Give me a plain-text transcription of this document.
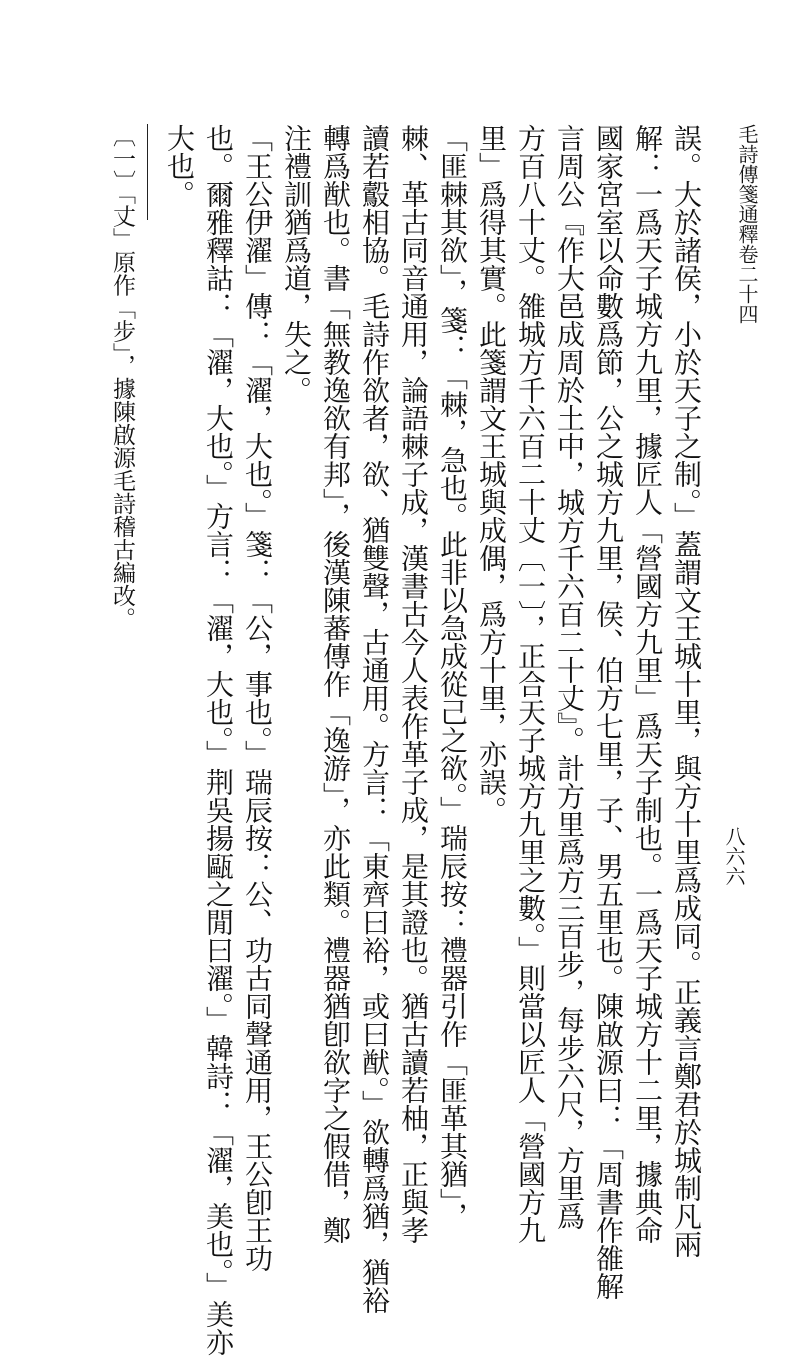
毛詩傳箋通釋卷二十四
八六六
誤。大於諸侯，小於天子之制。」蓋謂文王城十里，與方十里爲成同。正義言鄭君於城制凡兩
解：一爲天子城方九里，據匠人「營國方九里」爲天子制也。一爲天子城方十二里，據典命
國家宮室以命數爲節，公之城方九里，侯、伯方七里，子、男五里也。陳啟源曰：「周書作雒解
言周公『作大邑成周於土中，城方千六百二十丈』。計方里爲方三百步，每步六尺，方里爲
方百八十丈。雒城方千六百二十丈〔一〕，正合天子城方九里之數。」則當以匠人「營國方九
里」爲得其實。此箋謂文王城與成偶，爲方十里，亦誤。
「匪棘其欲」，箋：「棘，急也。此非以急成從己之欲。」瑞辰按：禮器引作「匪革其猶」，
棘、革古同音通用，論語棘子成，漢書古今人表作革子成，是其證也。猶古讀若柚，正與孝
讀若鷇相協。毛詩作欲者，欲、猶雙聲，古通用。方言：「東齊曰裕，或曰猷。」欲轉爲猶，猶裕
轉爲猷也。書「無教逸欲有邦」，後漢陳蕃傳作「逸游」，亦此類。禮器猶卽欲字之假借，鄭
注禮訓猶爲道，失之。
「王公伊濯」傳：「濯，大也。」箋：「公，事也。」瑞辰按：公、功古同聲通用，王公卽王功
也。爾雅釋詁：「濯，大也。」方言：「濯，大也。」荆吳揚甌之閒曰濯。」韓詩：「濯，美也。」美亦
大也。
〔一〕「丈」原作「步」，據陳啟源毛詩稽古編改。
